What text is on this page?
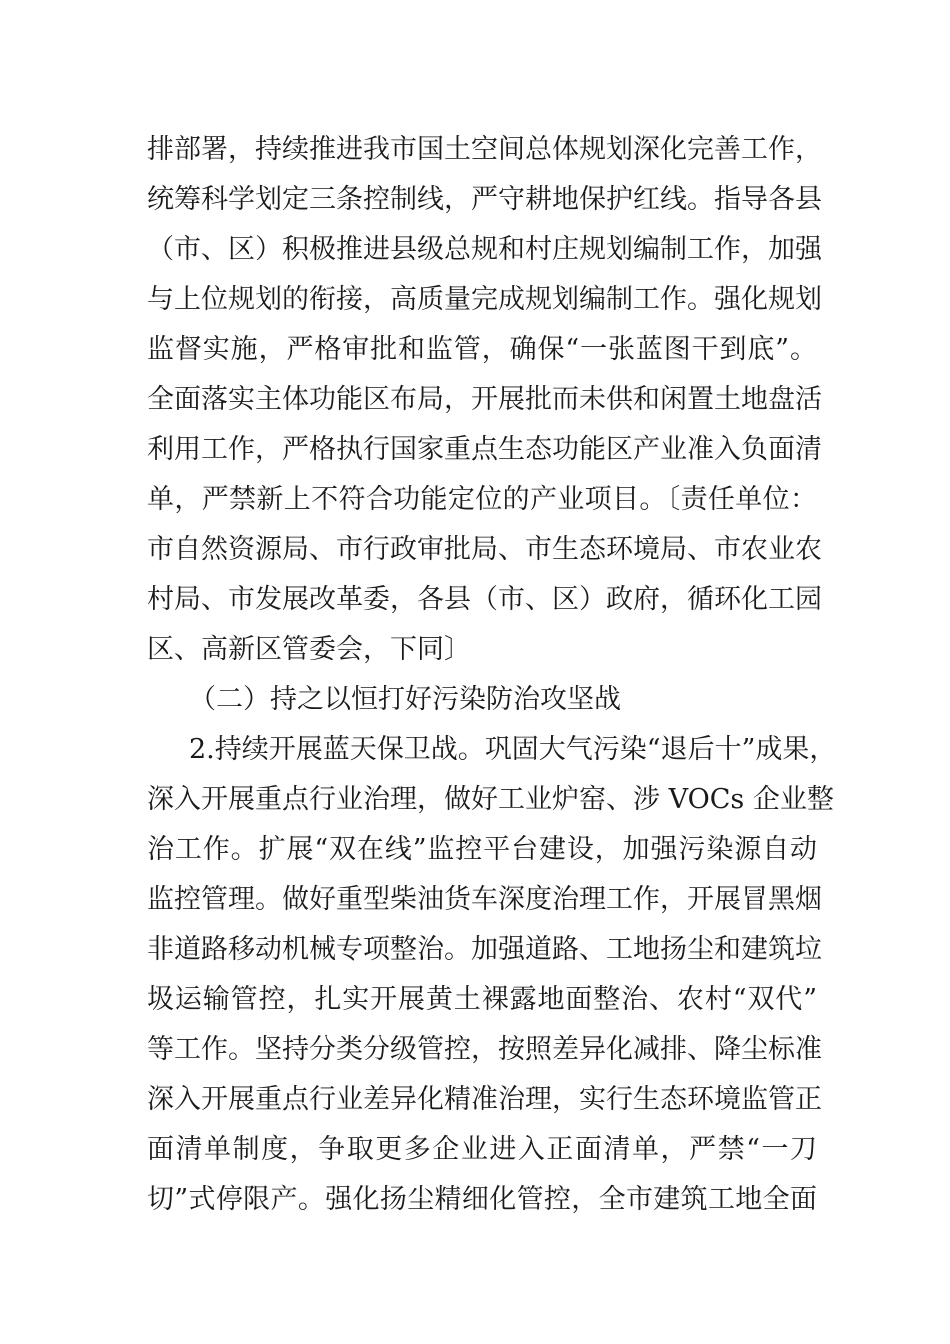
排部署，持续推进我市国土空间总体规划深化完善工作，
统筹科学划定三条控制线，严守耕地保护红线。指导各县
（市、区）积极推进县级总规和村庄规划编制工作，加强
与上位规划的衔接，高质量完成规划编制工作。强化规划
监督实施，严格审批和监管，确保“一张蓝图干到底”。
全面落实主体功能区布局，开展批而未供和闲置土地盘活
利用工作，严格执行国家重点生态功能区产业准入负面清
单，严禁新上不符合功能定位的产业项目。〔责任单位：
市自然资源局、市行政审批局、市生态环境局、市农业农
村局、市发展改革委，各县（市、区）政府，循环化工园
区、高新区管委会，下同〕
（二）持之以恒打好污染防治攻坚战
2.持续开展蓝天保卫战。巩固大气污染“退后十”成果，
深入开展重点行业治理，做好工业炉窑、涉 VOCs 企业整
治工作。扩展“双在线”监控平台建设，加强污染源自动
监控管理。做好重型柴油货车深度治理工作，开展冒黑烟
非道路移动机械专项整治。加强道路、工地扬尘和建筑垃
圾运输管控，扎实开展黄土裸露地面整治、农村“双代”
等工作。坚持分类分级管控，按照差异化减排、降尘标准
深入开展重点行业差异化精准治理，实行生态环境监管正
面清单制度，争取更多企业进入正面清单，严禁“一刀
切”式停限产。强化扬尘精细化管控，全市建筑工地全面
